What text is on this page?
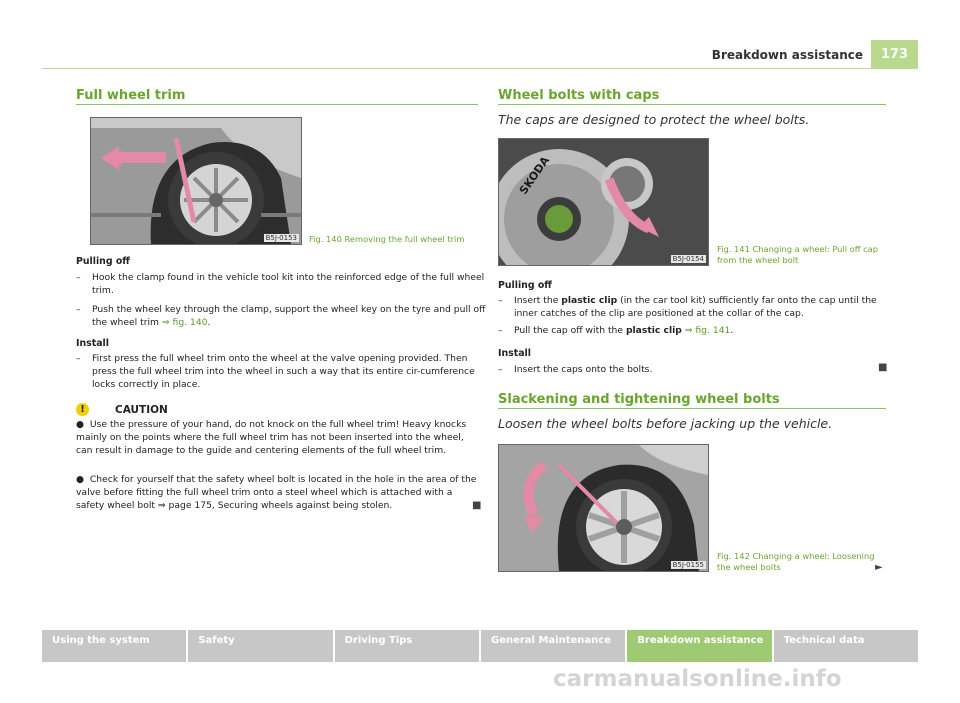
Breakdown assistance	173
Full wheel trim
B5J-0153 Fig. 140 Removing the full wheel trim
Pulling off
– Hook the clamp found in the vehicle tool kit into the reinforced edge of the full wheel trim.
– Push the wheel key through the clamp, support the wheel key on the tyre and pull off the wheel trim ⇒ fig. 140.
Install
– First press the full wheel trim onto the wheel at the valve opening provided. Then press the full wheel trim into the wheel in such a way that its entire cir-cumference locks correctly in place.
!	CAUTION
● Use the pressure of your hand, do not knock on the full wheel trim! Heavy knocks mainly on the points where the full wheel trim has not been inserted into the wheel, can result in damage to the guide and centering elements of the full wheel trim.
● Check for yourself that the safety wheel bolt is located in the hole in the area of the valve before fitting the full wheel trim onto a steel wheel which is attached with a safety wheel bolt ⇒ page 175, Securing wheels against being stolen.	■
Wheel bolts with caps
The caps are designed to protect the wheel bolts.
SKODA
B5J-0154
Fig. 141 Changing a wheel: Pull off cap
from the wheel bolt
Pulling off
– Insert the plastic clip (in the car tool kit) sufficiently far onto the cap until the inner catches of the clip are positioned at the collar of the cap.
– Pull the cap off with the plastic clip ⇒ fig. 141.
Install
– Insert the caps onto the bolts.	■
Slackening and tightening wheel bolts
Loosen the wheel bolts before jacking up the vehicle.
B5J-0155
Fig. 142 Changing a wheel: Loosening
the wheel bolts	►
Using the system	Safety	Driving Tips	General Maintenance	Breakdown assistance	Technical data
carmanualsonline.info
